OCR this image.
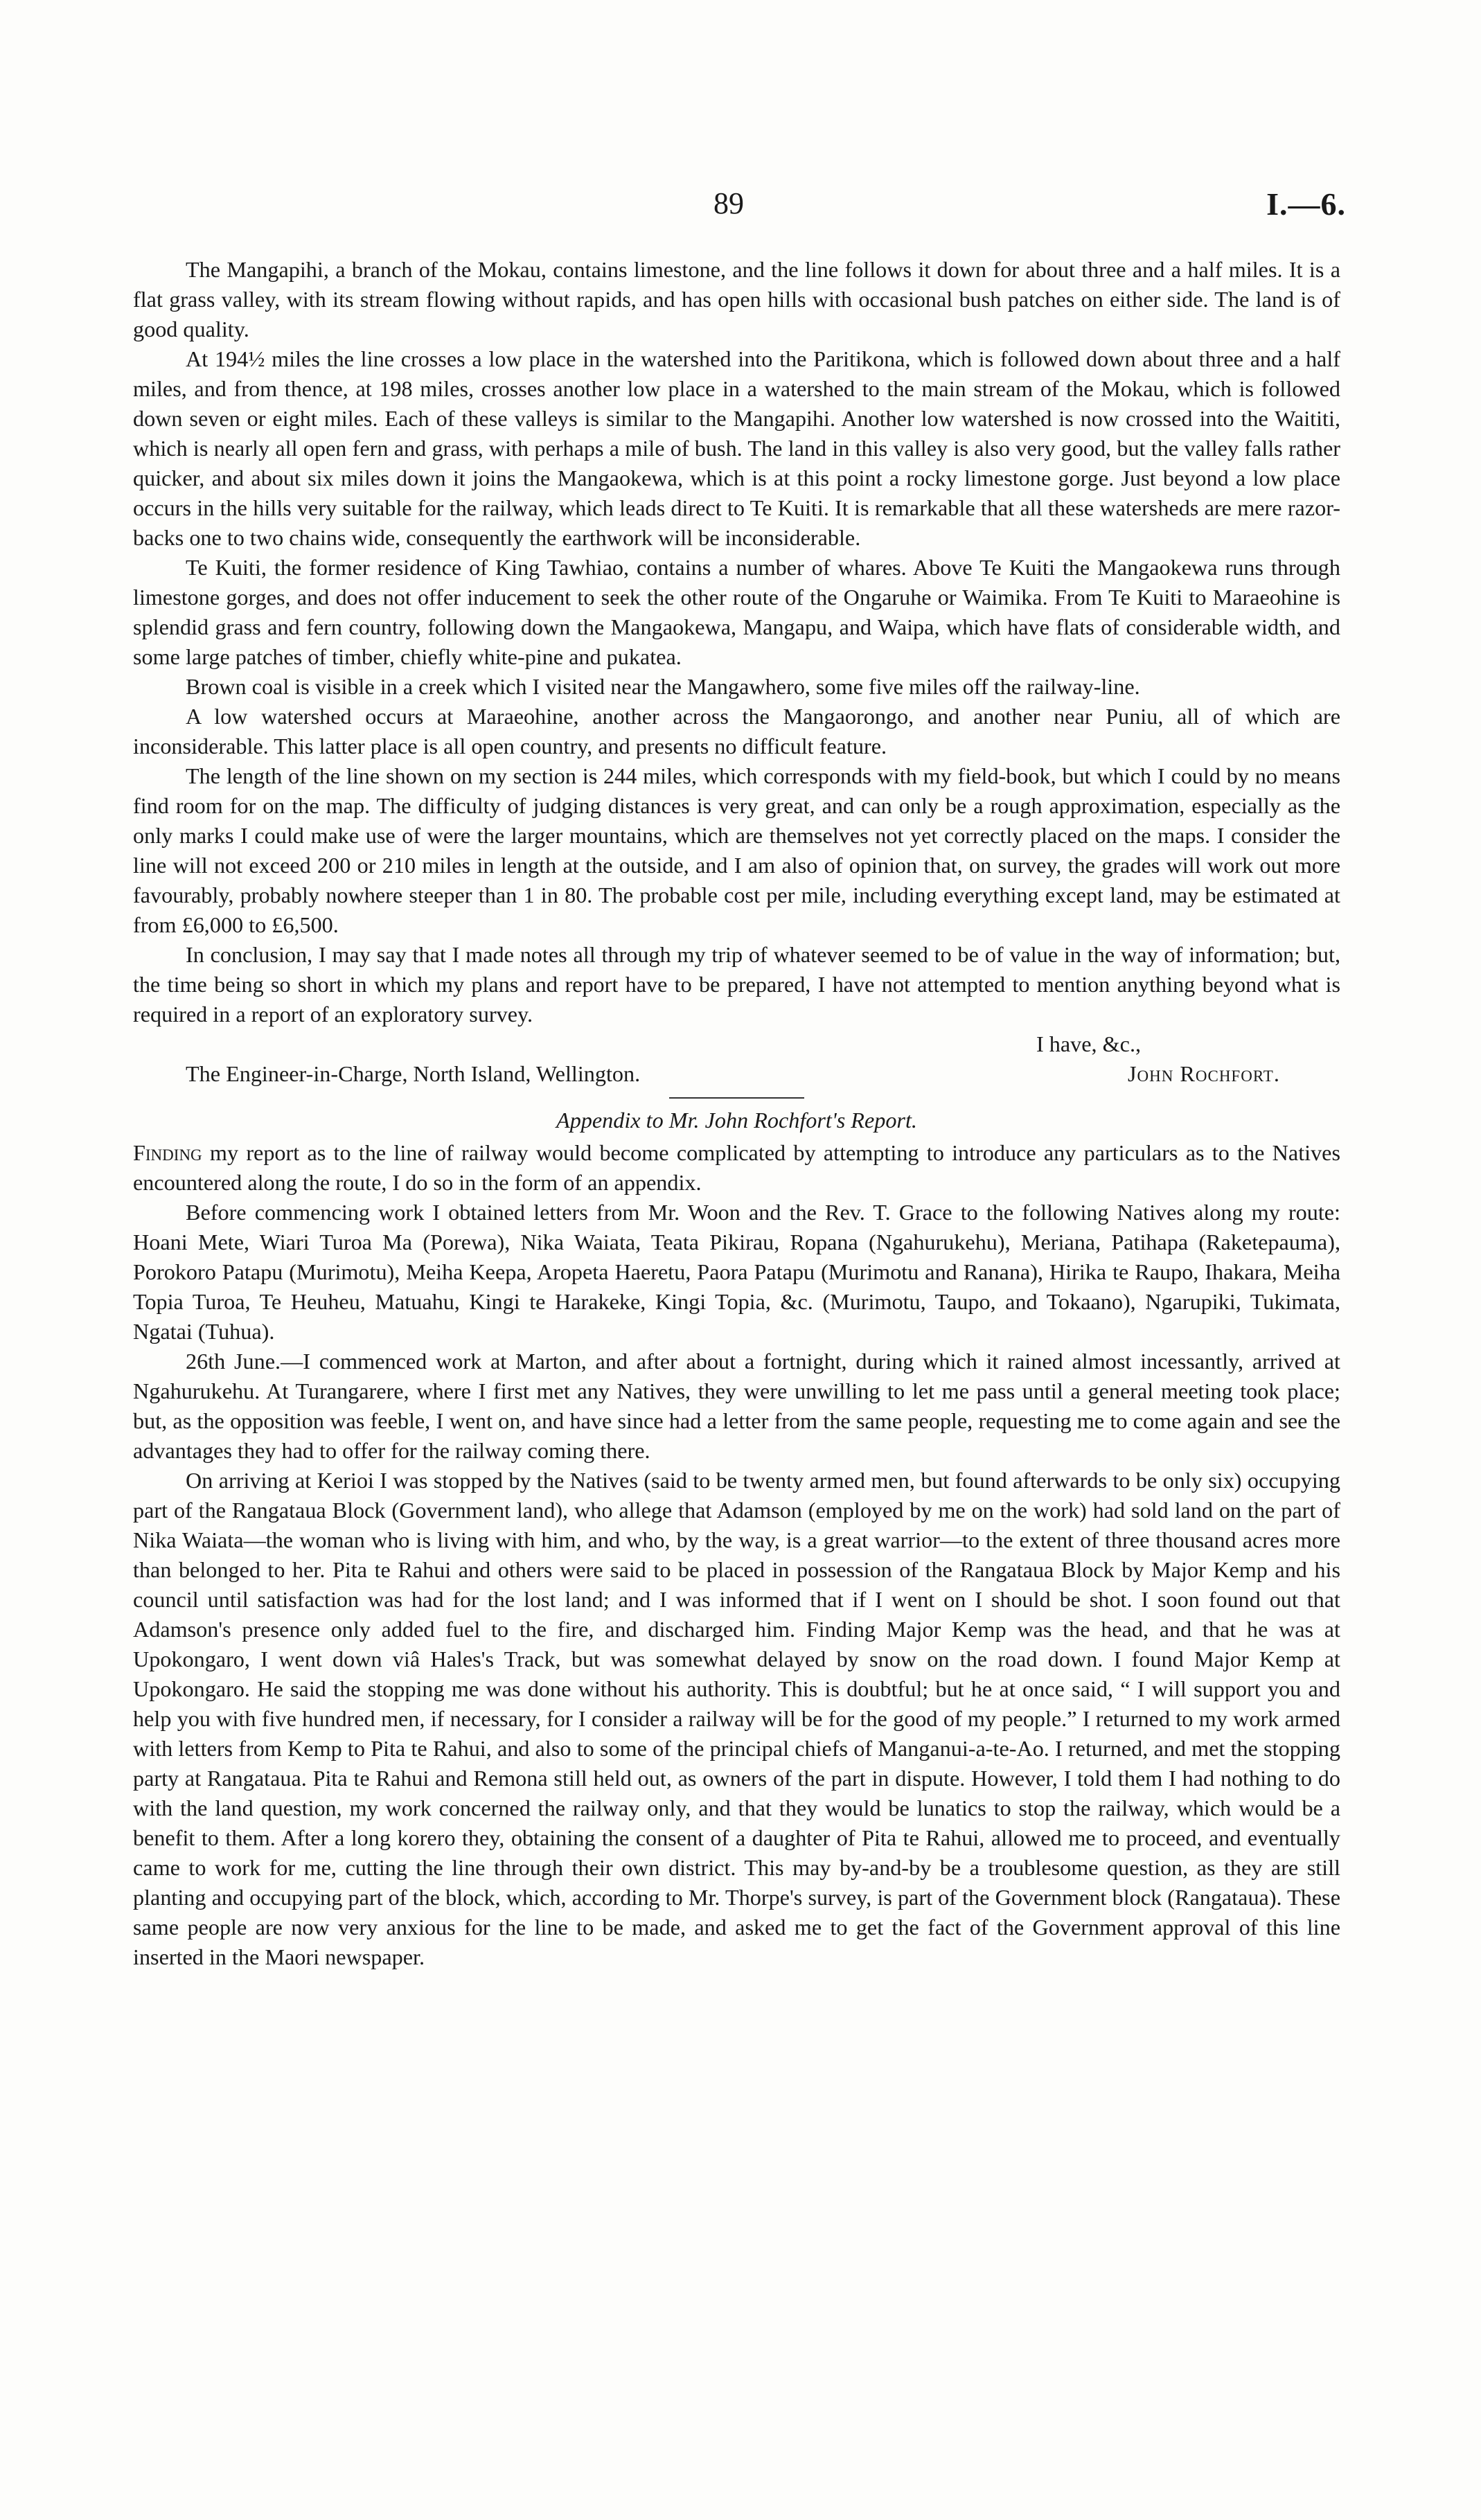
89	I.—6.

The Mangapihi, a branch of the Mokau, contains limestone, and the line follows it down for about three and a half miles. It is a flat grass valley, with its stream flowing without rapids, and has open hills with occasional bush patches on either side. The land is of good quality.

At 194½ miles the line crosses a low place in the watershed into the Paritikona, which is followed down about three and a half miles, and from thence, at 198 miles, crosses another low place in a watershed to the main stream of the Mokau, which is followed down seven or eight miles. Each of these valleys is similar to the Mangapihi. Another low watershed is now crossed into the Waititi, which is nearly all open fern and grass, with perhaps a mile of bush. The land in this valley is also very good, but the valley falls rather quicker, and about six miles down it joins the Mangaokewa, which is at this point a rocky limestone gorge. Just beyond a low place occurs in the hills very suitable for the railway, which leads direct to Te Kuiti. It is remarkable that all these watersheds are mere razor-backs one to two chains wide, consequently the earthwork will be inconsiderable.

Te Kuiti, the former residence of King Tawhiao, contains a number of whares. Above Te Kuiti the Mangaokewa runs through limestone gorges, and does not offer inducement to seek the other route of the Ongaruhe or Waimika. From Te Kuiti to Maraeohine is splendid grass and fern country, following down the Mangaokewa, Mangapu, and Waipa, which have flats of considerable width, and some large patches of timber, chiefly white-pine and pukatea.

Brown coal is visible in a creek which I visited near the Mangawhero, some five miles off the railway-line.

A low watershed occurs at Maraeohine, another across the Mangaorongo, and another near Puniu, all of which are inconsiderable. This latter place is all open country, and presents no difficult feature.

The length of the line shown on my section is 244 miles, which corresponds with my field-book, but which I could by no means find room for on the map. The difficulty of judging distances is very great, and can only be a rough approximation, especially as the only marks I could make use of were the larger mountains, which are themselves not yet correctly placed on the maps. I consider the line will not exceed 200 or 210 miles in length at the outside, and I am also of opinion that, on survey, the grades will work out more favourably, probably nowhere steeper than 1 in 80. The probable cost per mile, including everything except land, may be estimated at from £6,000 to £6,500.

In conclusion, I may say that I made notes all through my trip of whatever seemed to be of value in the way of information; but, the time being so short in which my plans and report have to be prepared, I have not attempted to mention anything beyond what is required in a report of an exploratory survey.

I have, &c.,
The Engineer-in-Charge, North Island, Wellington.	John Rochfort.

Appendix to Mr. John Rochfort's Report.

Finding my report as to the line of railway would become complicated by attempting to introduce any particulars as to the Natives encountered along the route, I do so in the form of an appendix.

Before commencing work I obtained letters from Mr. Woon and the Rev. T. Grace to the following Natives along my route: Hoani Mete, Wiari Turoa Ma (Porewa), Nika Waiata, Teata Pikirau, Ropana (Ngahurukehu), Meriana, Patihapa (Raketepauma), Porokoro Patapu (Murimotu), Meiha Keepa, Aropeta Haeretu, Paora Patapu (Murimotu and Ranana), Hirika te Raupo, Ihakara, Meiha Topia Turoa, Te Heuheu, Matuahu, Kingi te Harakeke, Kingi Topia, &c. (Murimotu, Taupo, and Tokaano), Ngarupiki, Tukimata, Ngatai (Tuhua).

26th June.—I commenced work at Marton, and after about a fortnight, during which it rained almost incessantly, arrived at Ngahurukehu. At Turangarere, where I first met any Natives, they were unwilling to let me pass until a general meeting took place; but, as the opposition was feeble, I went on, and have since had a letter from the same people, requesting me to come again and see the advantages they had to offer for the railway coming there.

On arriving at Kerioi I was stopped by the Natives (said to be twenty armed men, but found afterwards to be only six) occupying part of the Rangataua Block (Government land), who allege that Adamson (employed by me on the work) had sold land on the part of Nika Waiata—the woman who is living with him, and who, by the way, is a great warrior—to the extent of three thousand acres more than belonged to her. Pita te Rahui and others were said to be placed in possession of the Rangataua Block by Major Kemp and his council until satisfaction was had for the lost land; and I was informed that if I went on I should be shot. I soon found out that Adamson's presence only added fuel to the fire, and discharged him. Finding Major Kemp was the head, and that he was at Upokongaro, I went down viâ Hales's Track, but was somewhat delayed by snow on the road down. I found Major Kemp at Upokongaro. He said the stopping me was done without his authority. This is doubtful; but he at once said, “ I will support you and help you with five hundred men, if necessary, for I consider a railway will be for the good of my people.” I returned to my work armed with letters from Kemp to Pita te Rahui, and also to some of the principal chiefs of Manganui-a-te-Ao. I returned, and met the stopping party at Rangataua. Pita te Rahui and Remona still held out, as owners of the part in dispute. However, I told them I had nothing to do with the land question, my work concerned the railway only, and that they would be lunatics to stop the railway, which would be a benefit to them. After a long korero they, obtaining the consent of a daughter of Pita te Rahui, allowed me to proceed, and eventually came to work for me, cutting the line through their own district. This may by-and-by be a troublesome question, as they are still planting and occupying part of the block, which, according to Mr. Thorpe's survey, is part of the Government block (Rangataua). These same people are now very anxious for the line to be made, and asked me to get the fact of the Government approval of this line inserted in the Maori newspaper.
